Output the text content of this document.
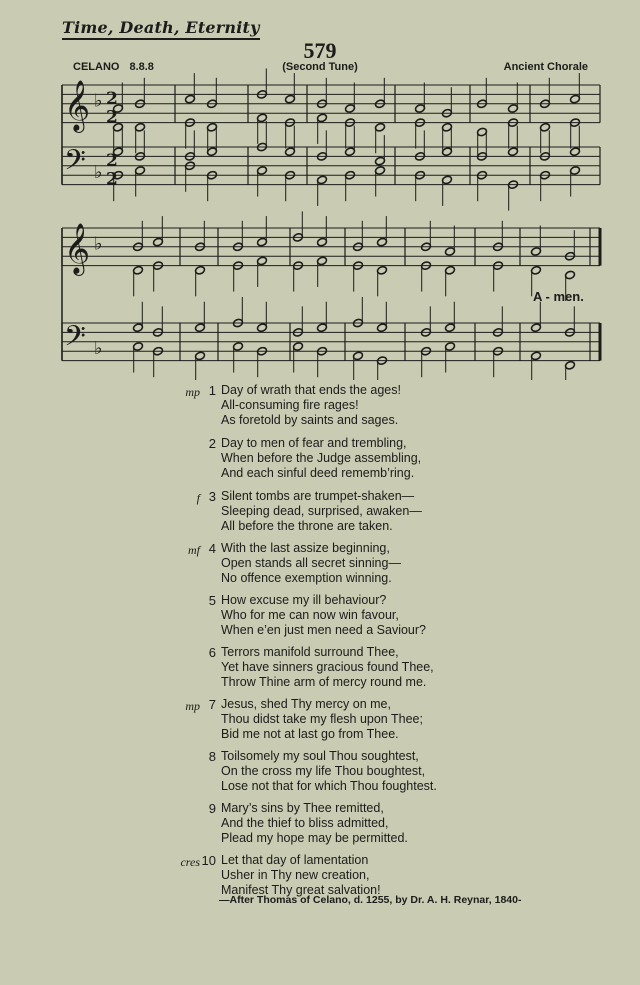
Time, Death, Eternity
579
CELANO 8.8.8	(Second Tune)	Ancient Chorale
𝄞 ♭ 2
2
𝄢 ♭
2
2
𝄞 ♭
𝄢 ♭
A - men.
mp 1 Day of wrath that ends the ages!
All-consuming fire rages!
As foretold by saints and sages.
2 Day to men of fear and trembling,
When before the Judge assembling,
And each sinful deed rememb’ring.
f 3 Silent tombs are trumpet-shaken—
Sleeping dead, surprised, awaken—
All before the throne are taken.
mf 4 With the last assize beginning,
Open stands all secret sinning—
No offence exemption winning.
5 How excuse my ill behaviour?
Who for me can now win favour,
When e’en just men need a Saviour?
6 Terrors manifold surround Thee,
Yet have sinners gracious found Thee,
Throw Thine arm of mercy round me.
mp 7 Jesus, shed Thy mercy on me,
Thou didst take my flesh upon Thee;
Bid me not at last go from Thee.
8 Toilsomely my soul Thou soughtest,
On the cross my life Thou boughtest,
Lose not that for which Thou foughtest.
9 Mary’s sins by Thee remitted,
And the thief to bliss admitted,
Plead my hope may be permitted.
cres 10 Let that day of lamentation
Usher in Thy new creation,
Manifest Thy great salvation!
—After Thomas of Celano, d. 1255, by Dr. A. H. Reynar, 1840-
